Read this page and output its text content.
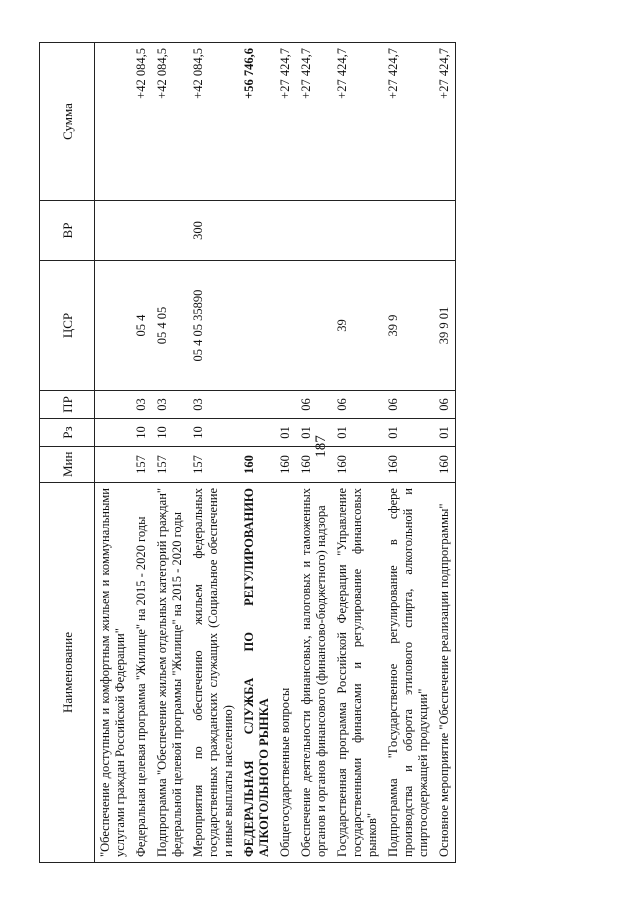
187
Наименование	Мин	Рз	ПР	ЦСР	ВР	Сумма
"Обеспечение доступным и комфортным жильем и коммунальными услугами граждан Российской Федерации"						
Федеральная целевая программа "Жилище" на 2015 - 2020 годы	157	10	03	05 4		+42 084,5
Подпрограмма "Обеспечение жильем отдельных категорий граждан" федеральной целевой программы "Жилище" на 2015 - 2020 годы	157	10	03	05 4 05		+42 084,5
Мероприятия по обеспечению жильем федеральных государственных гражданских служащих (Социальное обеспечение и иные выплаты населению)	157	10	03	05 4 05 35890	300	+42 084,5
ФЕДЕРАЛЬНАЯ СЛУЖБА ПО РЕГУЛИРОВАНИЮ АЛКОГОЛЬНОГО РЫНКА	160					+56 746,6
Общегосударственные вопросы	160	01				+27 424,7
Обеспечение деятельности финансовых, налоговых и таможенных органов и органов финансового (финансово-бюджетного) надзора	160	01	06			+27 424,7
Государственная программа Российской Федерации "Управление государственными финансами и регулирование финансовых рынков"	160	01	06	39		+27 424,7
Подпрограмма "Государственное регулирование в сфере производства и оборота этилового спирта, алкогольной и спиртосодержащей продукции"	160	01	06	39 9		+27 424,7
Основное мероприятие "Обеспечение реализации подпрограммы"	160	01	06	39 9 01		+27 424,7
